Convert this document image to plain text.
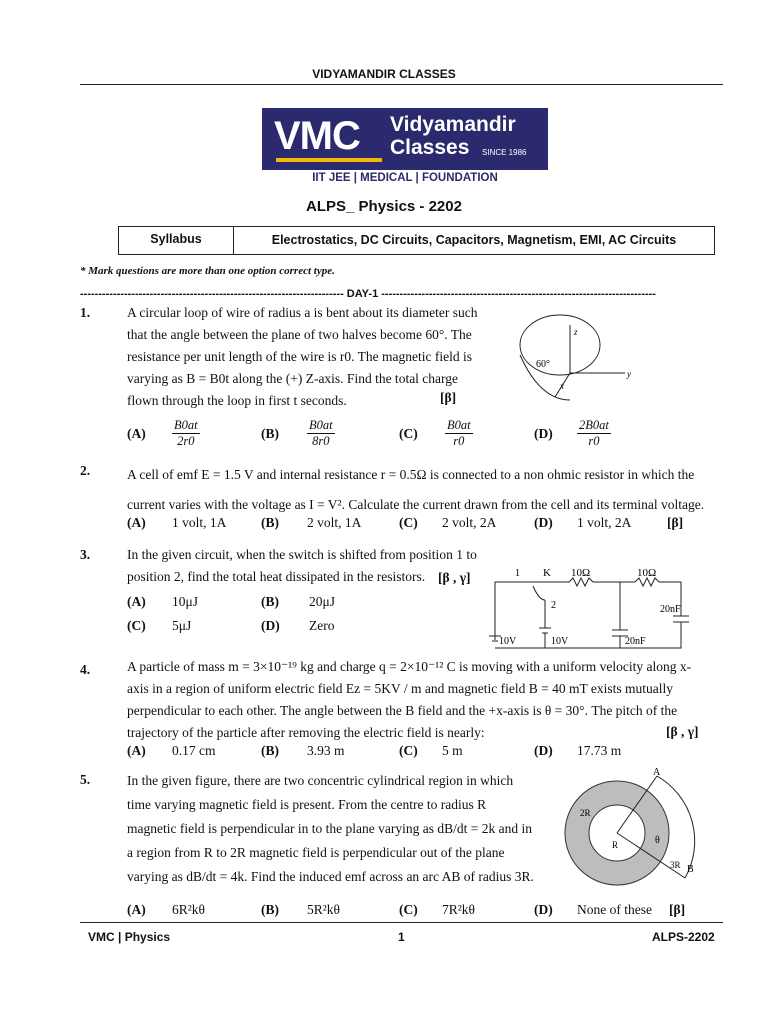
VIDYAMANDIR CLASSES
VMC Vidyamandir
Classes SINCE 1986
IIT JEE | MEDICAL | FOUNDATION
ALPS_ Physics - 2202
Syllabus	Electrostatics, DC Circuits, Capacitors, Magnetism, EMI, AC Circuits
* Mark questions are more than one option correct type.
------------------------------------------------------------------------ DAY-1 ---------------------------------------------------------------------------
1.	A circular loop of wire of radius a is bent about its diameter such
that the angle between the plane of two halves become 60°. The
resistance per unit length of the wire is r0. The magnetic field is
varying as B = B0t along the (+) Z-axis. Find the total charge
flown through the loop in first t seconds.	[β]
60°
z
y
x
$(A) \frac{B0at}{2r0}$	$(B) \frac{B0at}{8r0}$	$(C) \frac{B0at}{r0}$	$(D) \frac{2B0at}{r0}$
2.	A cell of emf E = 1.5 V and internal resistance r = 0.5Ω is connected to a non ohmic resistor in which the
current varies with the voltage as I = V². Calculate the current drawn from the cell and its terminal voltage.
(A) 1 volt, 1A	(B) 2 volt, 1A	(C) 2 volt, 2A	(D) 1 volt, 2A	[β]
3.	In the given circuit, when the switch is shifted from position 1 to
position 2, find the total heat dissipated in the resistors. [β , γ]
(A) 10μJ	(B) 20μJ
(C) 5μJ	(D) Zero
1 K 10Ω	10Ω
2
10V	10V	20nF
20nF
4.	A particle of mass m = 3×10⁻¹⁹ kg and charge q = 2×10⁻¹² C is moving with a uniform velocity along x-
axis in a region of uniform electric field Ez = 5KV / m and magnetic field B = 40 mT exists mutually
perpendicular to each other. The angle between the B field and the +x-axis is θ = 30°. The pitch of the
trajectory of the particle after removing the electric field is nearly:	[β , γ]
(A) 0.17 cm	(B) 3.93 m	(C) 5 m	(D) 17.73 m
5.	In the given figure, there are two concentric cylindrical region in which
time varying magnetic field is present. From the centre to radius R
magnetic field is perpendicular in to the plane varying as dB/dt = 2k and in
a region from R to 2R magnetic field is perpendicular out of the plane
varying as dB/dt = 4k. Find the induced emf across an arc AB of radius 3R.
A
2R
R	θ
3R B
(A) 6R²kθ	(B) 5R²kθ	(C) 7R²kθ	(D) None of these [β]
VMC | Physics	1	ALPS-2202
